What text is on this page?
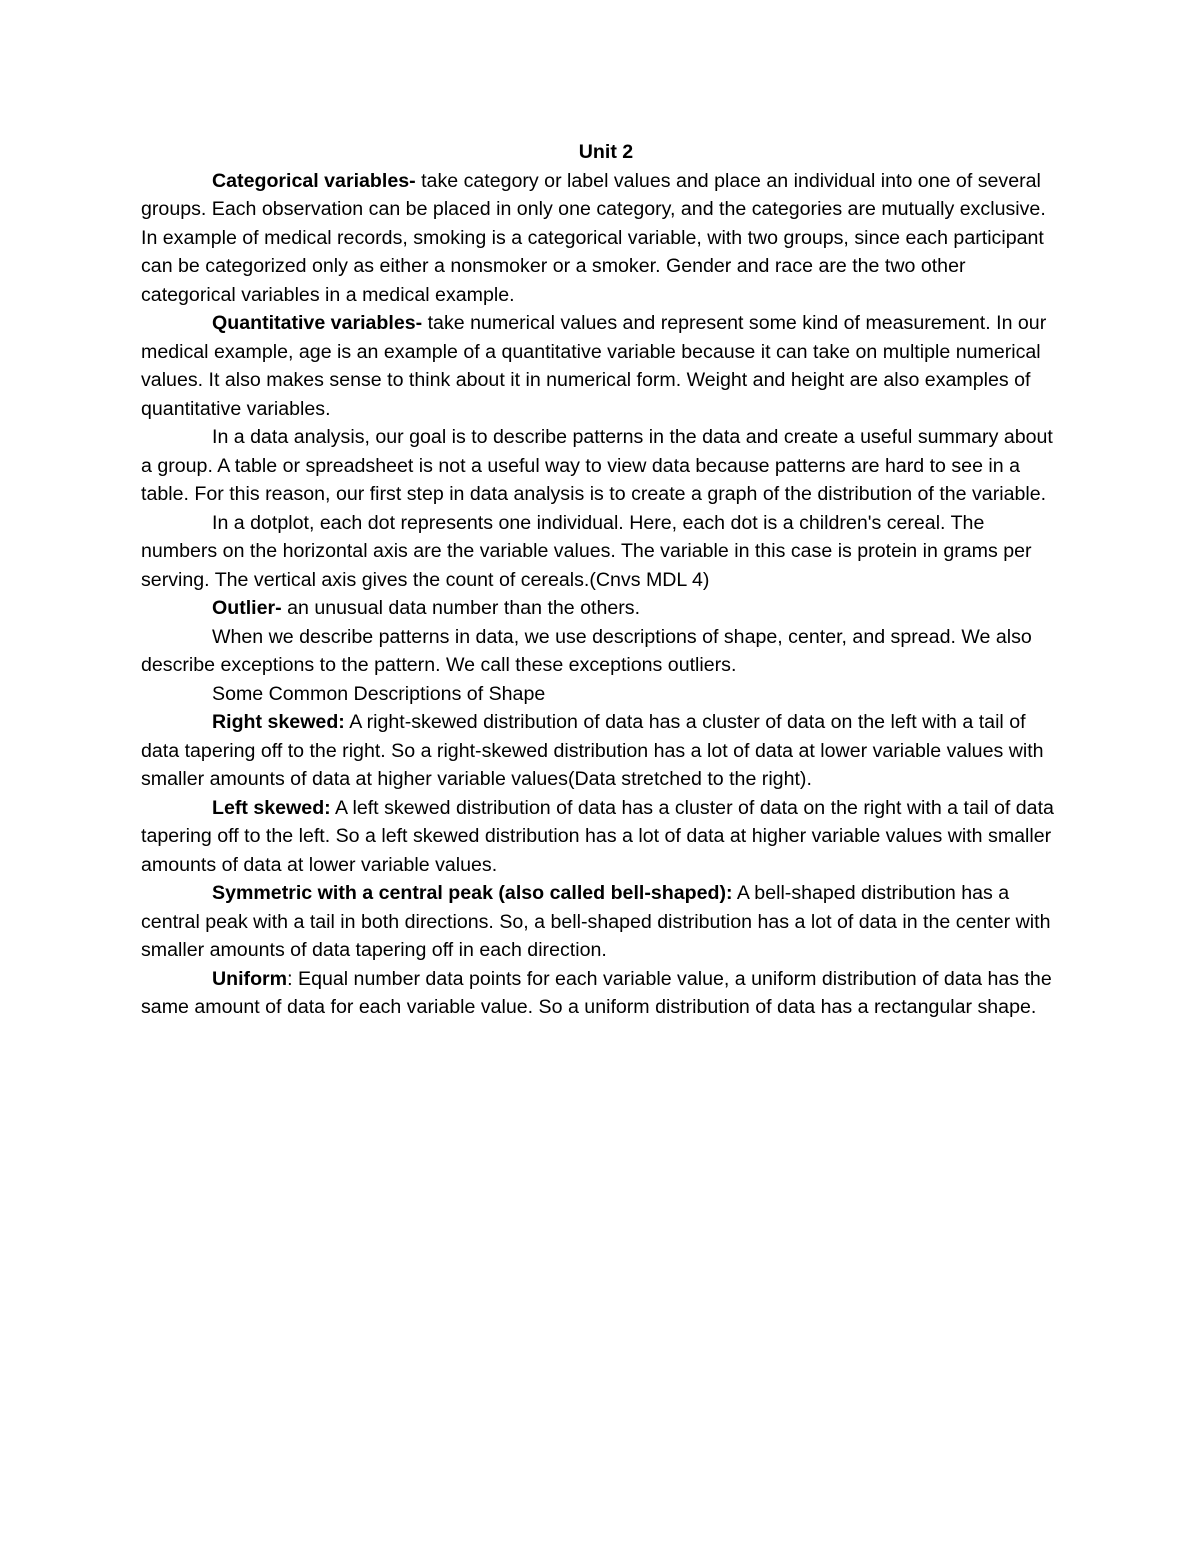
Unit 2

Categorical variables- take category or label values and place an individual into one of several groups. Each observation can be placed in only one category, and the categories are mutually exclusive. In example of medical records, smoking is a categorical variable, with two groups, since each participant can be categorized only as either a nonsmoker or a smoker. Gender and race are the two other categorical variables in a medical example.

Quantitative variables- take numerical values and represent some kind of measurement. In our medical example, age is an example of a quantitative variable because it can take on multiple numerical values. It also makes sense to think about it in numerical form. Weight and height are also examples of quantitative variables.

In a data analysis, our goal is to describe patterns in the data and create a useful summary about a group. A table or spreadsheet is not a useful way to view data because patterns are hard to see in a table. For this reason, our first step in data analysis is to create a graph of the distribution of the variable.

In a dotplot, each dot represents one individual. Here, each dot is a children's cereal. The numbers on the horizontal axis are the variable values. The variable in this case is protein in grams per serving. The vertical axis gives the count of cereals.(Cnvs MDL 4)

Outlier- an unusual data number than the others.

When we describe patterns in data, we use descriptions of shape, center, and spread. We also describe exceptions to the pattern. We call these exceptions outliers.

Some Common Descriptions of Shape

Right skewed: A right-skewed distribution of data has a cluster of data on the left with a tail of data tapering off to the right. So a right-skewed distribution has a lot of data at lower variable values with smaller amounts of data at higher variable values(Data stretched to the right).

Left skewed: A left skewed distribution of data has a cluster of data on the right with a tail of data tapering off to the left. So a left skewed distribution has a lot of data at higher variable values with smaller amounts of data at lower variable values.

Symmetric with a central peak (also called bell-shaped): A bell-shaped distribution has a central peak with a tail in both directions. So, a bell-shaped distribution has a lot of data in the center with smaller amounts of data tapering off in each direction.

Uniform: Equal number data points for each variable value, a uniform distribution of data has the same amount of data for each variable value. So a uniform distribution of data has a rectangular shape.
